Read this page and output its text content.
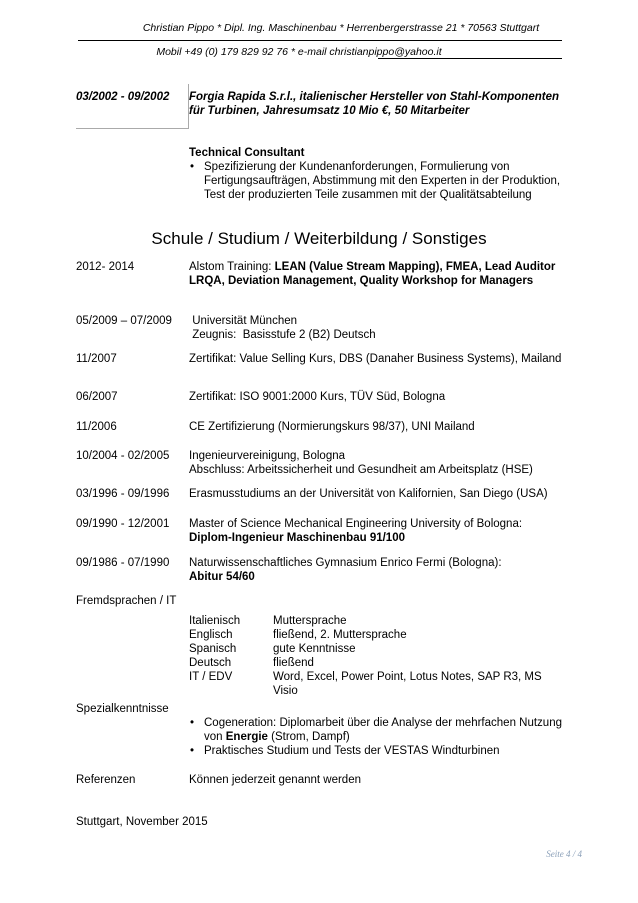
Christian Pippo * Dipl. Ing. Maschinenbau * Herrenbergerstrasse 21 * 70563 Stuttgart
Mobil +49 (0) 179 829 92 76 * e-mail christianpippo@yahoo.it
03/2002 - 09/2002 Forgia Rapida S.r.l., italienischer Hersteller von Stahl-Komponenten für Turbinen, Jahresumsatz 10 Mio €, 50 Mitarbeiter
Technical Consultant
• Spezifizierung der Kundenanforderungen, Formulierung von Fertigungsaufträgen, Abstimmung mit den Experten in der Produktion, Test der produzierten Teile zusammen mit der Qualitätsabteilung
Schule / Studium / Weiterbildung / Sonstiges
2012- 2014	Alstom Training: LEAN (Value Stream Mapping), FMEA, Lead Auditor LRQA, Deviation Management, Quality Workshop for Managers
05/2009 – 07/2009 Universität München
Zeugnis:  Basisstufe 2 (B2) Deutsch
11/2007	Zertifikat: Value Selling Kurs, DBS (Danaher Business Systems), Mailand
06/2007	Zertifikat: ISO 9001:2000 Kurs, TÜV Süd, Bologna
11/2006	CE Zertifizierung (Normierungskurs 98/37), UNI Mailand
10/2004 - 02/2005 Ingenieurvereinigung, Bologna
Abschluss: Arbeitssicherheit und Gesundheit am Arbeitsplatz (HSE)
03/1996 - 09/1996 Erasmusstudiums an der Universität von Kalifornien, San Diego (USA)
09/1990 - 12/2001 Master of Science Mechanical Engineering University of Bologna:
Diplom-Ingenieur Maschinenbau 91/100
09/1986 - 07/1990 Naturwissenschaftliches Gymnasium Enrico Fermi (Bologna):
Abitur 54/60
Fremdsprachen / IT
Italienisch	Muttersprache
Englisch	fließend, 2. Muttersprache
Spanisch	gute Kenntnisse
Deutsch	fließend
IT / EDV	Word, Excel, Power Point, Lotus Notes, SAP R3, MS Visio
Spezialkenntnisse
• Cogeneration: Diplomarbeit über die Analyse der mehrfachen Nutzung von Energie (Strom, Dampf)
• Praktisches Studium und Tests der VESTAS Windturbinen
Referenzen	Können jederzeit genannt werden
Stuttgart, November 2015
Seite 4 / 4
